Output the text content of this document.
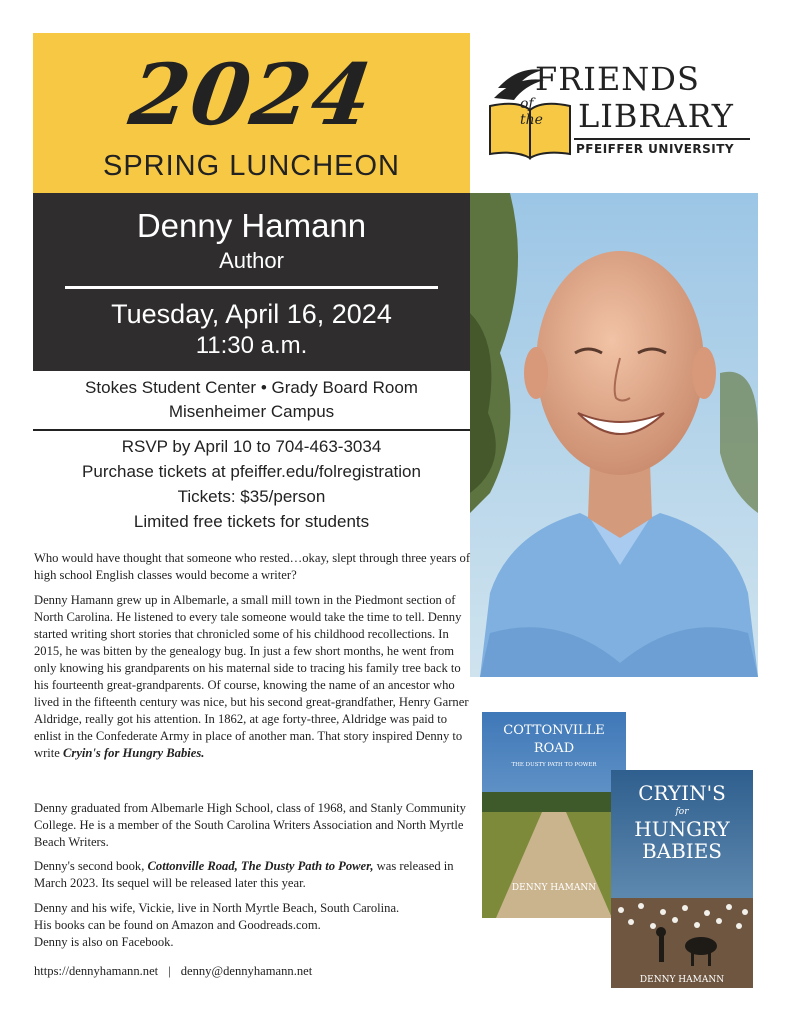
2024
SPRING LUNCHEON
Denny Hamann
Author
Tuesday, April 16, 2024
11:30 a.m.
Stokes Student Center • Grady Board Room
Misenheimer Campus
RSVP by April 10 to 704-463-3034
Purchase tickets at pfeiffer.edu/folregistration
Tickets: $35/person
Limited free tickets for students
FRIENDS
of
the LIBRARY
PFEIFFER UNIVERSITY

Who would have thought that someone who rested…okay, slept through three years of high school English classes would become a writer?

Denny Hamann grew up in Albemarle, a small mill town in the Piedmont section of North Carolina. He listened to every tale someone would take the time to tell. Denny started writing short stories that chronicled some of his childhood recollections. In 2015, he was bitten by the genealogy bug. In just a few short months, he went from only knowing his grandparents on his maternal side to tracing his family tree back to his fourteenth great-grandparents. Of course, knowing the name of an ancestor who lived in the fifteenth century was nice, but his second great-grandfather, Henry Garner Aldridge, really got his attention. In 1862, at age forty-three, Aldridge was paid to enlist in the Confederate Army in place of another man. That story inspired Denny to write Cryin's for Hungry Babies.

Denny graduated from Albemarle High School, class of 1968, and Stanly Community College. He is a member of the South Carolina Writers Association and North Myrtle Beach Writers.

Denny's second book, Cottonville Road, The Dusty Path to Power, was released in March 2023. Its sequel will be released later this year.

Denny and his wife, Vickie, live in North Myrtle Beach, South Carolina.
His books can be found on Amazon and Goodreads.com.
Denny is also on Facebook.

https://dennyhamann.net | denny@dennyhamann.net

COTTONVILLE
ROAD
THE DUSTY PATH TO POWER
DENNY HAMANN
CRYIN'S
for
HUNGRY
BABIES
DENNY HAMANN
